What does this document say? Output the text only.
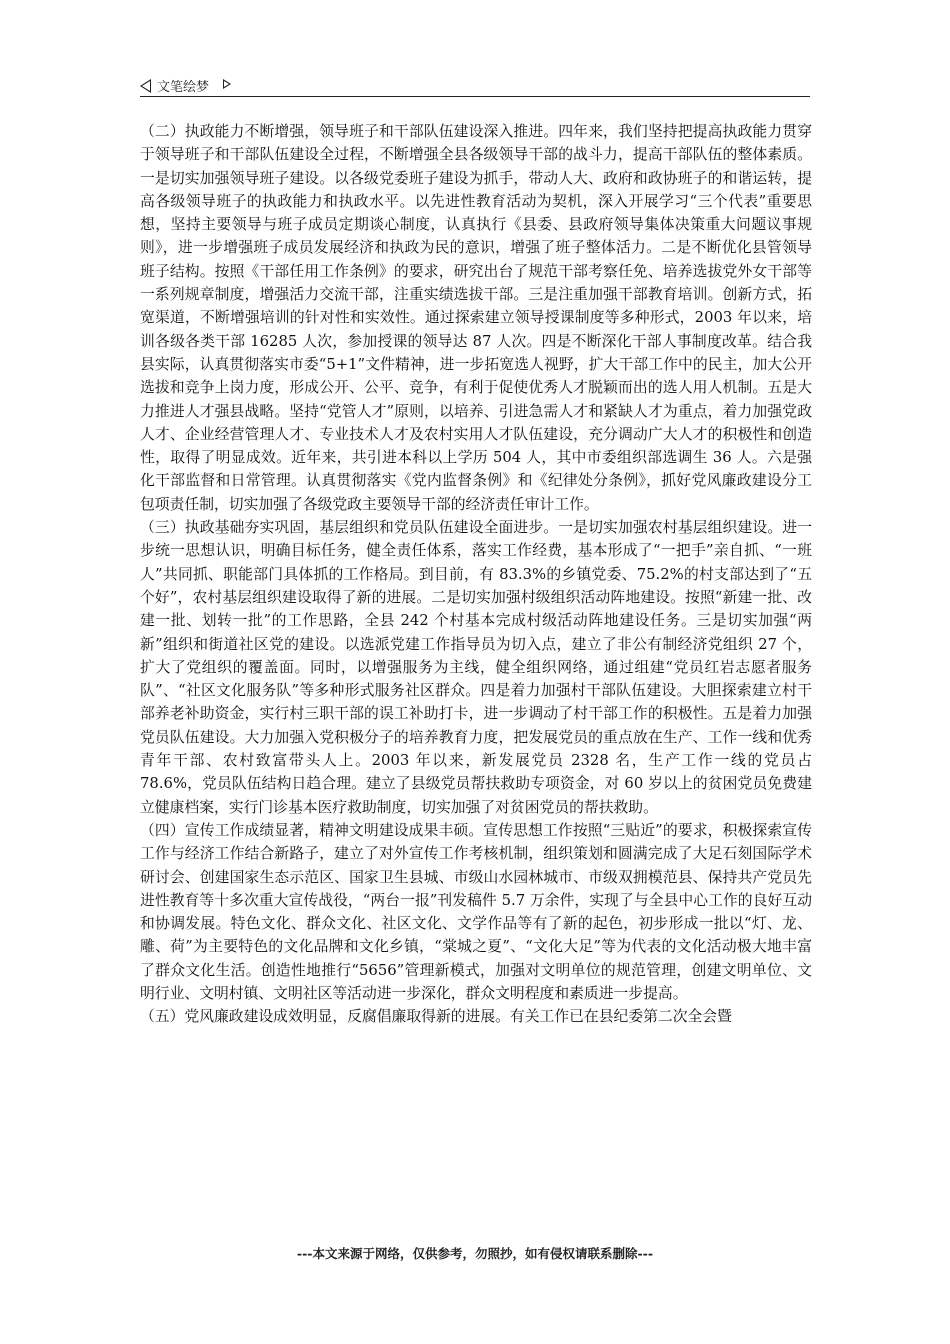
文笔绘梦

（二）执政能力不断增强，领导班子和干部队伍建设深入推进。四年来，我们坚持把提高执政能力贯穿于领导班子和干部队伍建设全过程，不断增强全县各级领导干部的战斗力，提高干部队伍的整体素质。一是切实加强领导班子建设。以各级党委班子建设为抓手，带动人大、政府和政协班子的和谐运转，提高各级领导班子的执政能力和执政水平。以先进性教育活动为契机，深入开展学习“三个代表”重要思想，坚持主要领导与班子成员定期谈心制度，认真执行《县委、县政府领导集体决策重大问题议事规则》，进一步增强班子成员发展经济和执政为民的意识，增强了班子整体活力。二是不断优化县管领导班子结构。按照《干部任用工作条例》的要求，研究出台了规范干部考察任免、培养选拔党外女干部等一系列规章制度，增强活力交流干部，注重实绩选拔干部。三是注重加强干部教育培训。创新方式，拓宽渠道，不断增强培训的针对性和实效性。通过探索建立领导授课制度等多种形式，2003 年以来，培训各级各类干部 16285 人次，参加授课的领导达 87 人次。四是不断深化干部人事制度改革。结合我县实际，认真贯彻落实市委“5+1”文件精神，进一步拓宽选人视野，扩大干部工作中的民主，加大公开选拔和竞争上岗力度，形成公开、公平、竞争，有利于促使优秀人才脱颖而出的选人用人机制。五是大力推进人才强县战略。坚持“党管人才”原则，以培养、引进急需人才和紧缺人才为重点，着力加强党政人才、企业经营管理人才、专业技术人才及农村实用人才队伍建设，充分调动广大人才的积极性和创造性，取得了明显成效。近年来，共引进本科以上学历 504 人，其中市委组织部选调生 36 人。六是强化干部监督和日常管理。认真贯彻落实《党内监督条例》和《纪律处分条例》，抓好党风廉政建设分工包项责任制，切实加强了各级党政主要领导干部的经济责任审计工作。

（三）执政基础夯实巩固，基层组织和党员队伍建设全面进步。一是切实加强农村基层组织建设。进一步统一思想认识，明确目标任务，健全责任体系，落实工作经费，基本形成了“一把手”亲自抓、“一班人”共同抓、职能部门具体抓的工作格局。到目前，有 83.3%的乡镇党委、75.2%的村支部达到了“五个好”，农村基层组织建设取得了新的进展。二是切实加强村级组织活动阵地建设。按照“新建一批、改建一批、划转一批”的工作思路，全县 242 个村基本完成村级活动阵地建设任务。三是切实加强“两新”组织和街道社区党的建设。以选派党建工作指导员为切入点，建立了非公有制经济党组织 27 个，扩大了党组织的覆盖面。同时，以增强服务为主线，健全组织网络，通过组建“党员红岩志愿者服务队”、“社区文化服务队”等多种形式服务社区群众。四是着力加强村干部队伍建设。大胆探索建立村干部养老补助资金，实行村三职干部的误工补助打卡，进一步调动了村干部工作的积极性。五是着力加强党员队伍建设。大力加强入党积极分子的培养教育力度，把发展党员的重点放在生产、工作一线和优秀青年干部、农村致富带头人上。2003 年以来，新发展党员 2328 名，生产工作一线的党员占 78.6%，党员队伍结构日趋合理。建立了县级党员帮扶救助专项资金，对 60 岁以上的贫困党员免费建立健康档案，实行门诊基本医疗救助制度，切实加强了对贫困党员的帮扶救助。

（四）宣传工作成绩显著，精神文明建设成果丰硕。宣传思想工作按照“三贴近”的要求，积极探索宣传工作与经济工作结合新路子，建立了对外宣传工作考核机制，组织策划和圆满完成了大足石刻国际学术研讨会、创建国家生态示范区、国家卫生县城、市级山水园林城市、市级双拥模范县、保持共产党员先进性教育等十多次重大宣传战役，“两台一报”刊发稿件 5.7 万余件，实现了与全县中心工作的良好互动和协调发展。特色文化、群众文化、社区文化、文学作品等有了新的起色，初步形成一批以“灯、龙、雕、荷”为主要特色的文化品牌和文化乡镇，“棠城之夏”、“文化大足”等为代表的文化活动极大地丰富了群众文化生活。创造性地推行“5656”管理新模式，加强对文明单位的规范管理，创建文明单位、文明行业、文明村镇、文明社区等活动进一步深化，群众文明程度和素质进一步提高。

（五）党风廉政建设成效明显，反腐倡廉取得新的进展。有关工作已在县纪委第二次全会暨

---本文来源于网络，仅供参考，勿照抄，如有侵权请联系删除---
